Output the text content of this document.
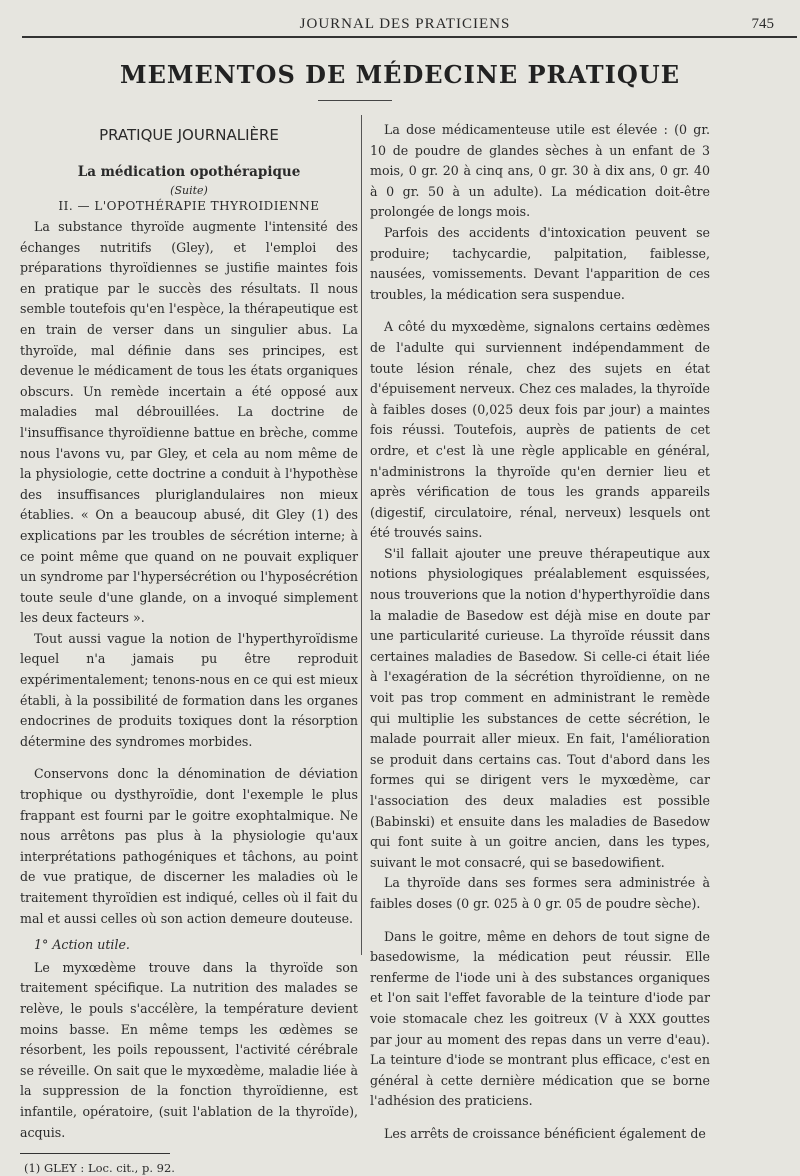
JOURNAL DES PRATICIENS	745
MEMENTOS DE MÉDECINE PRATIQUE
PRATIQUE JOURNALIÈRE
La médication opothérapique
(Suite)
II. — L'OPOTHÉRAPIE THYROIDIENNE

La substance thyroïde augmente l'intensité des échanges nutritifs (Gley), et l'emploi des préparations thyroïdiennes se justifie maintes fois en pratique par le succès des résultats. Il nous semble toutefois qu'en l'espèce, la thérapeutique est en train de verser dans un singulier abus. La thyroïde, mal définie dans ses principes, est devenue le médicament de tous les états organiques obscurs. Un remède incertain a été opposé aux maladies mal débrouillées. La doctrine de l'insuffisance thyroïdienne battue en brèche, comme nous l'avons vu, par Gley, et cela au nom même de la physiologie, cette doctrine a conduit à l'hypothèse des insuffisances pluriglandulaires non mieux établies. « On a beaucoup abusé, dit Gley (1) des explications par les troubles de sécrétion interne; à ce point même que quand on ne pouvait expliquer un syndrome par l'hypersécrétion ou l'hyposécrétion toute seule d'une glande, on a invoqué simplement les deux facteurs ».

Tout aussi vague la notion de l'hyperthyroïdisme lequel n'a jamais pu être reproduit expérimentalement; tenons-nous en ce qui est mieux établi, à la possibilité de formation dans les organes endocrines de produits toxiques dont la résorption détermine des syndromes morbides.

Conservons donc la dénomination de déviation trophique ou dysthyroïdie, dont l'exemple le plus frappant est fourni par le goitre exophtalmique. Ne nous arrêtons pas plus à la physiologie qu'aux interprétations pathogéniques et tâchons, au point de vue pratique, de discerner les maladies où le traitement thyroïdien est indiqué, celles où il fait du mal et aussi celles où son action demeure douteuse.

1° Action utile.

Le myxœdème trouve dans la thyroïde son traitement spécifique. La nutrition des malades se relève, le pouls s'accélère, la température devient moins basse. En même temps les œdèmes se résorbent, les poils repoussent, l'activité cérébrale se réveille. On sait que le myxœdème, maladie liée à la suppression de la fonction thyroïdienne, est infantile, opératoire, (suit l'ablation de la thyroïde), acquis.

(1) GLEY : Loc. cit., p. 92.

La dose médicamenteuse utile est élevée : (0 gr. 10 de poudre de glandes sèches à un enfant de 3 mois, 0 gr. 20 à cinq ans, 0 gr. 30 à dix ans, 0 gr. 40 à 0 gr. 50 à un adulte). La médication doit-être prolongée de longs mois.

Parfois des accidents d'intoxication peuvent se produire; tachycardie, palpitation, faiblesse, nausées, vomissements. Devant l'apparition de ces troubles, la médication sera suspendue.

A côté du myxœdème, signalons certains œdèmes de l'adulte qui surviennent indépendamment de toute lésion rénale, chez des sujets en état d'épuisement nerveux. Chez ces malades, la thyroïde à faibles doses (0,025 deux fois par jour) a maintes fois réussi. Toutefois, auprès de patients de cet ordre, et c'est là une règle applicable en général, n'administrons la thyroïde qu'en dernier lieu et après vérification de tous les grands appareils (digestif, circulatoire, rénal, nerveux) lesquels ont été trouvés sains.

S'il fallait ajouter une preuve thérapeutique aux notions physiologiques préalablement esquissées, nous trouverions que la notion d'hyperthyroïdie dans la maladie de Basedow est déjà mise en doute par une particularité curieuse. La thyroïde réussit dans certaines maladies de Basedow. Si celle-ci était liée à l'exagération de la sécrétion thyroïdienne, on ne voit pas trop comment en administrant le remède qui multiplie les substances de cette sécrétion, le malade pourrait aller mieux. En fait, l'amélioration se produit dans certains cas. Tout d'abord dans les formes qui se dirigent vers le myxœdème, car l'association des deux maladies est possible (Babinski) et ensuite dans les maladies de Basedow qui font suite à un goitre ancien, dans les types, suivant le mot consacré, qui se basedowifient.

La thyroïde dans ses formes sera administrée à faibles doses (0 gr. 025 à 0 gr. 05 de poudre sèche).

Dans le goitre, même en dehors de tout signe de basedowisme, la médication peut réussir. Elle renferme de l'iode uni à des substances organiques et l'on sait l'effet favorable de la teinture d'iode par voie stomacale chez les goitreux (V à XXX gouttes par jour au moment des repas dans un verre d'eau). La teinture d'iode se montrant plus efficace, c'est en général à cette dernière médication que se borne l'adhésion des praticiens.

Les arrêts de croissance bénéficient également de
